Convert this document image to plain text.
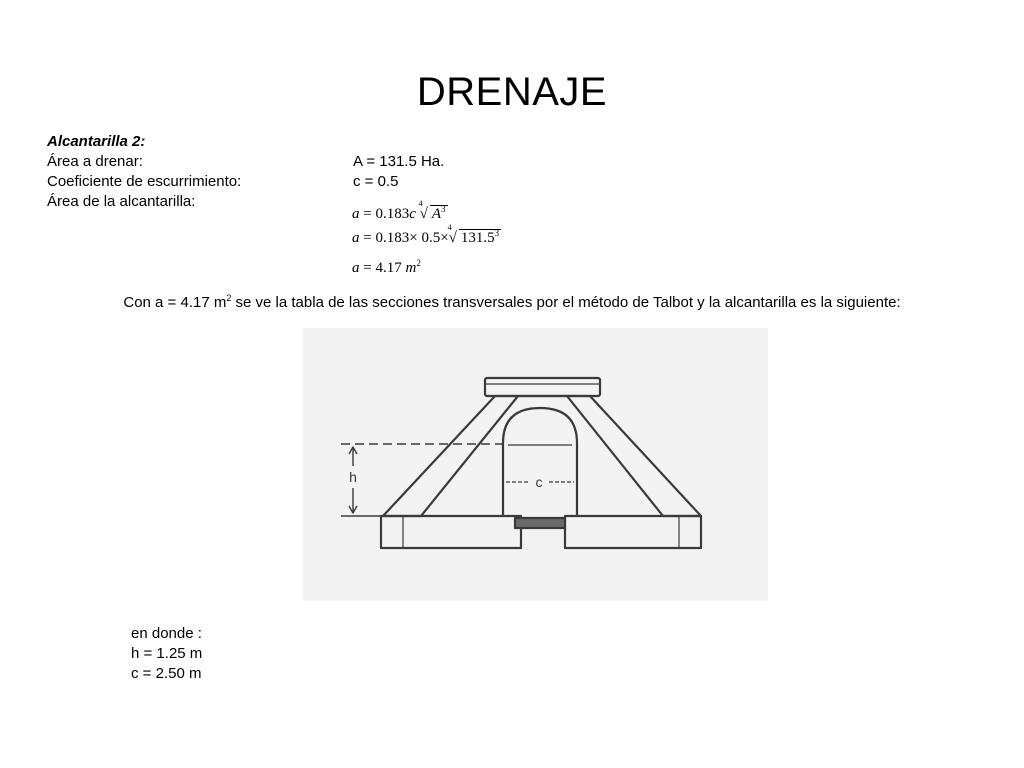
DRENAJE
Alcantarilla 2:
Área a drenar:	A = 131.5 Ha.
Coeficiente de escurrimiento:	c = 0.5
Área de la alcantarilla:
a = 0.183c
4
√ $A^3$
a = 0.183× 0.5×
4
√ 131.5$^3$
a = 4.17 $m^2$
Con a = 4.17 $m^2$ se ve la tabla de las secciones transversales por el método de Talbot y la alcantarilla es la siguiente:
h	c
en donde :
h = 1.25 m
c = 2.50 m
